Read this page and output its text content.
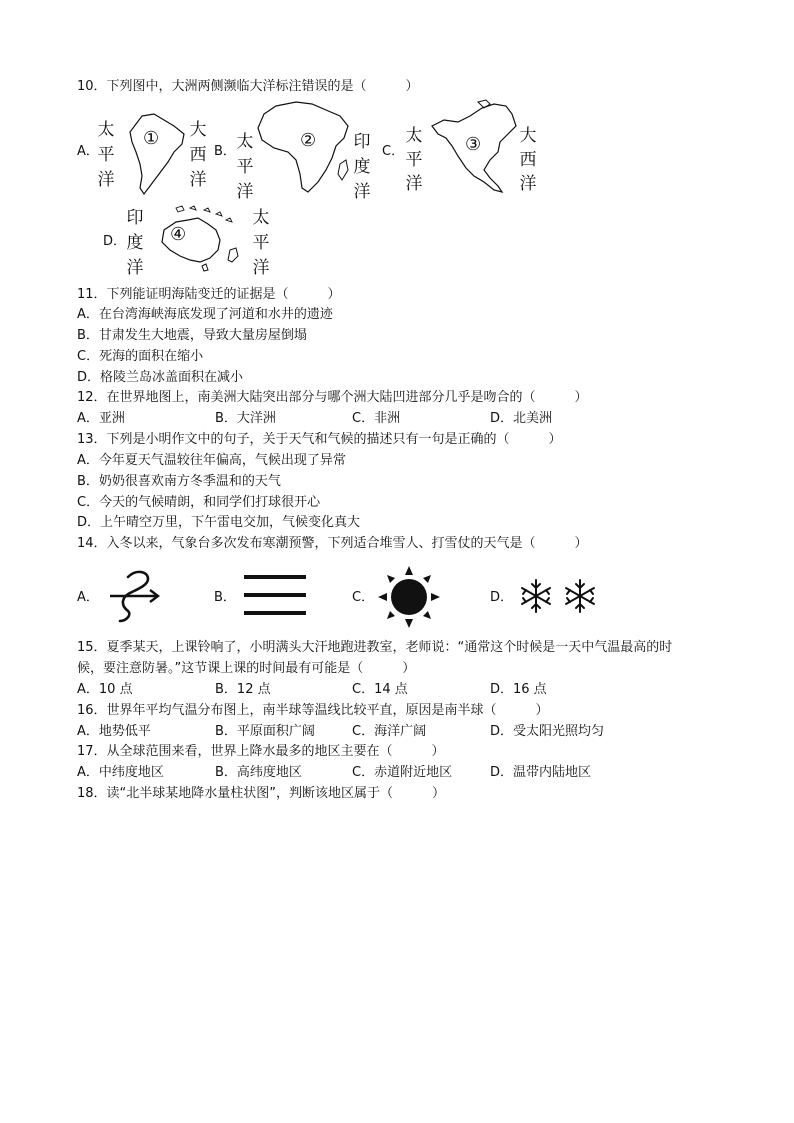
10．下列图中，大洲两侧濒临大洋标注错误的是（　　　）
A．
太
平
洋
① 大
西
洋
B． 太
平
洋
② 印
度
洋
C．
太
平
洋
③ 大
西
洋
D．
印
度
洋
④
太
平
洋
11．下列能证明海陆变迁的证据是（　　　）
A．在台湾海峡海底发现了河道和水井的遗迹
B．甘肃发生大地震，导致大量房屋倒塌
C．死海的面积在缩小
D．格陵兰岛冰盖面积在减小
12．在世界地图上，南美洲大陆突出部分与哪个洲大陆凹进部分几乎是吻合的（　　　）
A．亚洲	B．大洋洲	C．非洲	D．北美洲
13．下列是小明作文中的句子，关于天气和气候的描述只有一句是正确的（　　　）
A．今年夏天气温较往年偏高，气候出现了异常
B．奶奶很喜欢南方冬季温和的天气
C．今天的气候晴朗，和同学们打球很开心
D．上午晴空万里，下午雷电交加，气候变化真大
14．入冬以来，气象台多次发布寒潮预警，下列适合堆雪人、打雪仗的天气是（　　　）
A．	B．	C．	D．
15．夏季某天，上课铃响了，小明满头大汗地跑进教室，老师说：“通常这个时候是一天中气温最高的时
候，要注意防暑。”这节课上课的时间最有可能是（　　　）
A．10 点	B．12 点	C．14 点	D．16 点
16．世界年平均气温分布图上，南半球等温线比较平直，原因是南半球（　　　）
A．地势低平	B．平原面积广阔	C．海洋广阔	D．受太阳光照均匀
17．从全球范围来看，世界上降水最多的地区主要在（　　　）
A．中纬度地区	B．高纬度地区	C．赤道附近地区	D．温带内陆地区
18．读“北半球某地降水量柱状图”，判断该地区属于（　　　）
